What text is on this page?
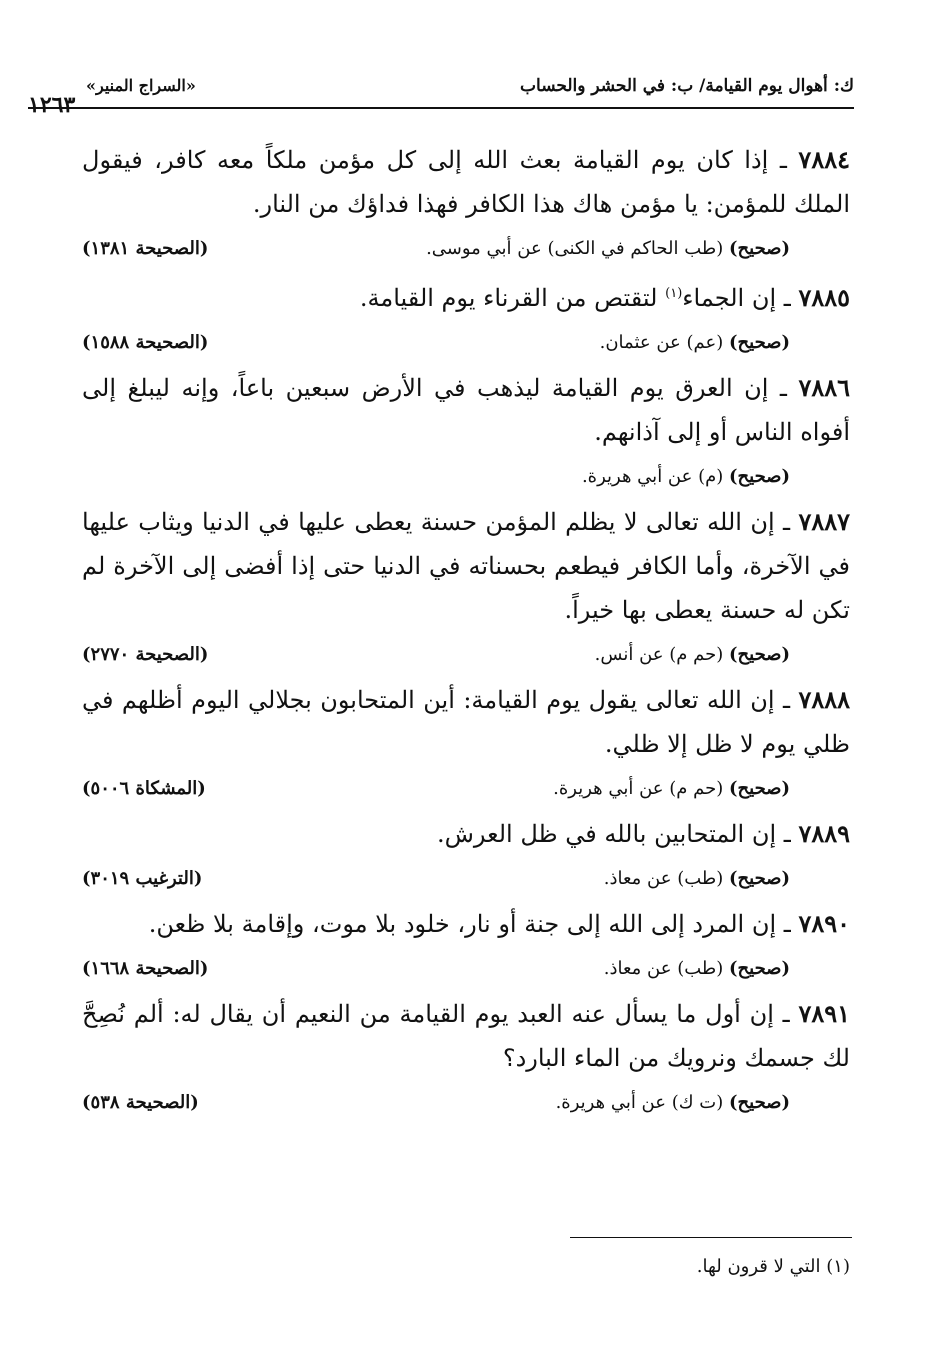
ك: أهوال يوم القيامة/ ب: في الحشر والحساب
«السراج المنير»
١٢٦٣

٧٨٨٤ ـ إذا كان يوم القيامة بعث الله إلى كل مؤمن ملكاً معه كافر، فيقول الملك للمؤمن: يا مؤمن هاك هذا الكافر فهذا فداؤك من النار.

(صحيح) (طب الحاكم في الكنى) عن أبي موسى.
(الصحيحة ١٣٨١)

٧٨٨٥ ـ إن الجماء$^{(١)}$ لتقتص من القرناء يوم القيامة.

(صحيح) (عم) عن عثمان.
(الصحيحة ١٥٨٨)

٧٨٨٦ ـ إن العرق يوم القيامة ليذهب في الأرض سبعين باعاً، وإنه ليبلغ إلى أفواه الناس أو إلى آذانهم.

(صحيح) (م) عن أبي هريرة.

٧٨٨٧ ـ إن الله تعالى لا يظلم المؤمن حسنة يعطى عليها في الدنيا ويثاب عليها في الآخرة، وأما الكافر فيطعم بحسناته في الدنيا حتى إذا أفضى إلى الآخرة لم تكن له حسنة يعطى بها خيراً.

(صحيح) (حم م) عن أنس.
(الصحيحة ٢٧٧٠)

٧٨٨٨ ـ إن الله تعالى يقول يوم القيامة: أين المتحابون بجلالي اليوم أظلهم في ظلي يوم لا ظل إلا ظلي.

(صحيح) (حم م) عن أبي هريرة.
(المشكاة ٥٠٠٦)

٧٨٨٩ ـ إن المتحابين بالله في ظل العرش.

(صحيح) (طب) عن معاذ.
(الترغيب ٣٠١٩)

٧٨٩٠ ـ إن المرد إلى الله إلى جنة أو نار، خلود بلا موت، وإقامة بلا ظعن.

(صحيح) (طب) عن معاذ.
(الصحيحة ١٦٦٨)

٧٨٩١ ـ إن أول ما يسأل عنه العبد يوم القيامة من النعيم أن يقال له: ألم نُصِحَّ لك جسمك ونرويك من الماء البارد؟

(صحيح) (ت ك) عن أبي هريرة.
(الصحيحة ٥٣٨)
(١) التي لا قرون لها.
